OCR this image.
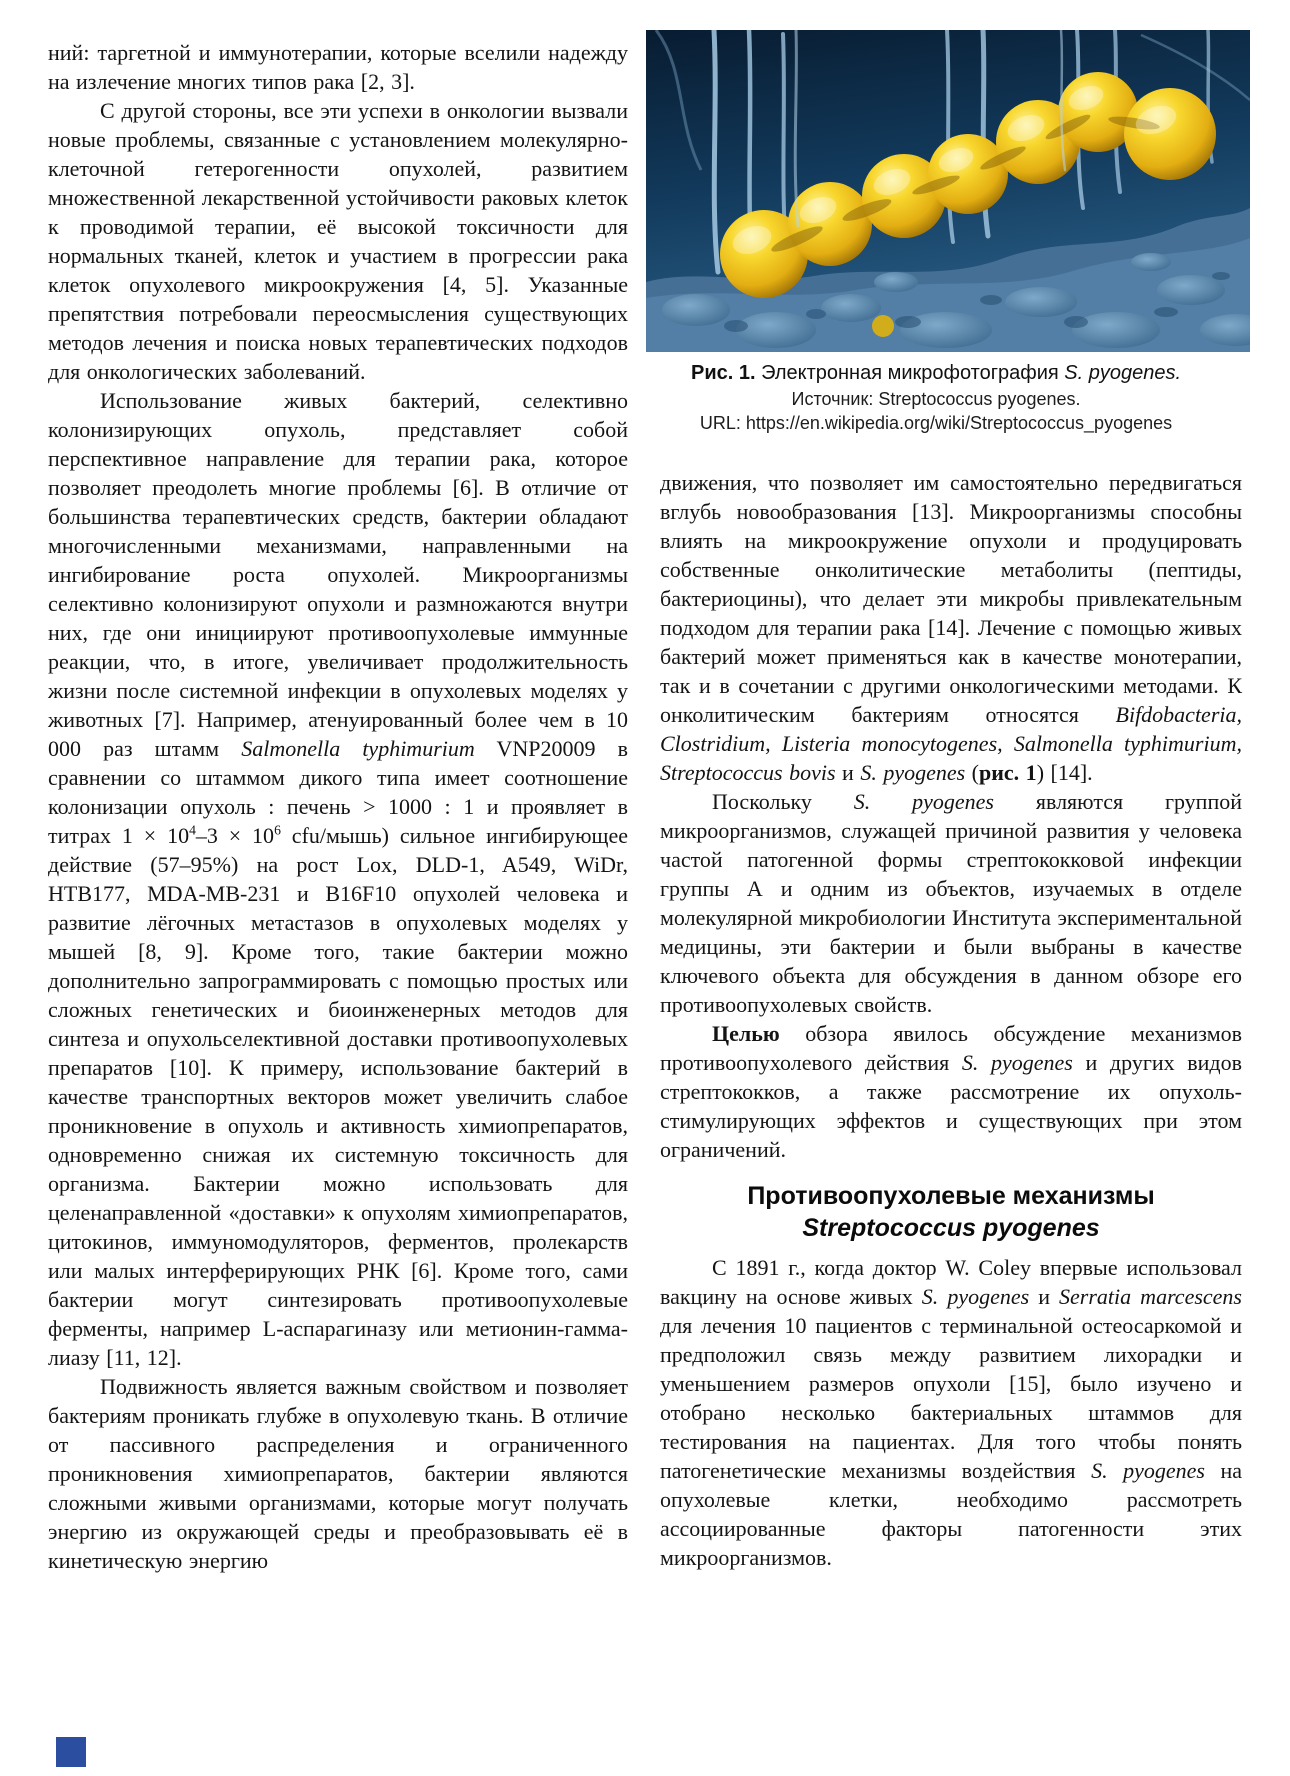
ний: таргетной и иммунотерапии, которые вселили надежду на излечение многих типов рака [2, 3].

С другой стороны, все эти успехи в онкологии вызвали новые проблемы, связанные с установлением молекулярно-клеточной гетерогенности опухолей, развитием множественной лекарственной устойчивости раковых клеток к проводимой терапии, её высокой токсичности для нормальных тканей, клеток и участием в прогрессии рака клеток опухолевого микроокружения [4, 5]. Указанные препятствия потребовали переосмысления существующих методов лечения и поиска новых терапевтических подходов для онкологических заболеваний.

Использование живых бактерий, селективно колонизирующих опухоль, представляет собой перспективное направление для терапии рака, которое позволяет преодолеть многие проблемы [6]. В отличие от большинства терапевтических средств, бактерии обладают многочисленными механизмами, направленными на ингибирование роста опухолей. Микроорганизмы селективно колонизируют опухоли и размножаются внутри них, где они инициируют противоопухолевые иммунные реакции, что, в итоге, увеличивает продолжительность жизни после системной инфекции в опухолевых моделях у животных [7]. Например, атенуированный более чем в 10 000 раз штамм Salmonella typhimurium VNP20009 в сравнении со штаммом дикого типа имеет соотношение колонизации опухоль : печень > 1000 : 1 и проявляет в титрах $1 \times 10^4-3 \times 10^6$ cfu/мышь) сильное ингибирующее действие (57–95%) на рост Lox, DLD-1, A549, WiDr, HTB177, MDA-MB-231 и B16F10 опухолей человека и развитие лёгочных метастазов в опухолевых моделях у мышей [8, 9]. Кроме того, такие бактерии можно дополнительно запрограммировать с помощью простых или сложных генетических и биоинженерных методов для синтеза и опухольселективной доставки противоопухолевых препаратов [10]. К примеру, использование бактерий в качестве транспортных векторов может увеличить слабое проникновение в опухоль и активность химиопрепаратов, одновременно снижая их системную токсичность для организма. Бактерии можно использовать для целенаправленной «доставки» к опухолям химиопрепаратов, цитокинов, иммуномодуляторов, ферментов, пролекарств или малых интерферирующих РНК [6]. Кроме того, сами бактерии могут синтезировать противоопухолевые ферменты, например L-аспарагиназу или метионин-гамма-лиазу [11, 12].

Подвижность является важным свойством и позволяет бактериям проникать глубже в опухолевую ткань. В отличие от пассивного распределения и ограниченного проникновения химиопрепаратов, бактерии являются сложными живыми организмами, которые могут получать энергию из окружающей среды и преобразовывать её в кинетическую энергию

Рис. 1. Электронная микрофотография S. pyogenes.
Источник: Streptococcus pyogenes.
URL: https://en.wikipedia.org/wiki/Streptococcus_pyogenes

движения, что позволяет им самостоятельно передвигаться вглубь новообразования [13]. Микроорганизмы способны влиять на микроокружение опухоли и продуцировать собственные онколитические метаболиты (пептиды, бактериоцины), что делает эти микробы привлекательным подходом для терапии рака [14]. Лечение с помощью живых бактерий может применяться как в качестве монотерапии, так и в сочетании с другими онкологическими методами. К онколитическим бактериям относятся Bifdobacteria, Clostridium, Listeria monocytogenes, Salmonella typhimurium, Streptococcus bovis и S. pyogenes (рис. 1) [14].

Поскольку S. pyogenes являются группой микроорганизмов, служащей причиной развития у человека частой патогенной формы стрептококковой инфекции группы А и одним из объектов, изучаемых в отделе молекулярной микробиологии Института экспериментальной медицины, эти бактерии и были выбраны в качестве ключевого объекта для обсуждения в данном обзоре его противоопухолевых свойств.

Целью обзора явилось обсуждение механизмов противоопухолевого действия S. pyogenes и других видов стрептококков, а также рассмотрение их опухоль-стимулирующих эффектов и существующих при этом ограничений.

Противоопухолевые механизмы
Streptococcus pyogenes

С 1891 г., когда доктор W. Coley впервые использовал вакцину на основе живых S. pyogenes и Serratia marcescens для лечения 10 пациентов с терминальной остеосаркомой и предположил связь между развитием лихорадки и уменьшением размеров опухоли [15], было изучено и отобрано несколько бактериальных штаммов для тестирования на пациентах. Для того чтобы понять патогенетические механизмы воздействия S. pyogenes на опухолевые клетки, необходимо рассмотреть ассоциированные факторы патогенности этих микроорганизмов.
